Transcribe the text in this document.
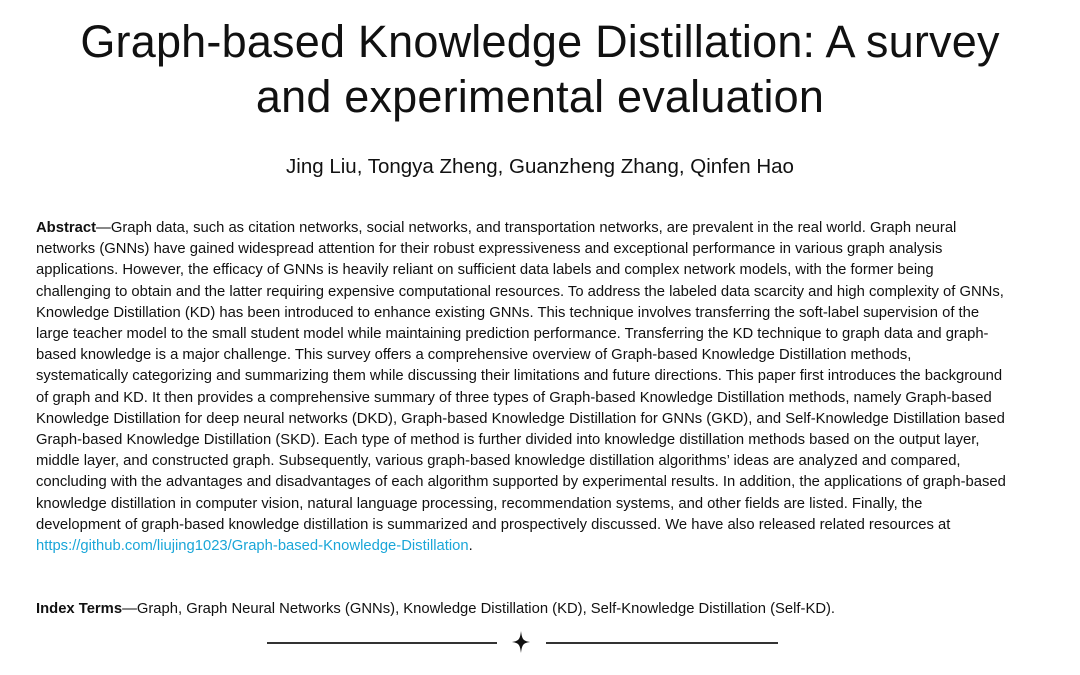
Graph-based Knowledge Distillation: A survey
and experimental evaluation
Jing Liu, Tongya Zheng, Guanzheng Zhang, Qinfen Hao

Abstract—Graph data, such as citation networks, social networks, and transportation networks, are prevalent in the real world. Graph neural networks (GNNs) have gained widespread attention for their robust expressiveness and exceptional performance in various graph analysis applications. However, the efficacy of GNNs is heavily reliant on sufficient data labels and complex network models, with the former being challenging to obtain and the latter requiring expensive computational resources. To address the labeled data scarcity and high complexity of GNNs, Knowledge Distillation (KD) has been introduced to enhance existing GNNs. This technique involves transferring the soft-label supervision of the large teacher model to the small student model while maintaining prediction performance. Transferring the KD technique to graph data and graph-based knowledge is a major challenge. This survey offers a comprehensive overview of Graph-based Knowledge Distillation methods, systematically categorizing and summarizing them while discussing their limitations and future directions. This paper first introduces the background of graph and KD. It then provides a comprehensive summary of three types of Graph-based Knowledge Distillation methods, namely Graph-based Knowledge Distillation for deep neural networks (DKD), Graph-based Knowledge Distillation for GNNs (GKD), and Self-Knowledge Distillation based Graph-based Knowledge Distillation (SKD). Each type of method is further divided into knowledge distillation methods based on the output layer, middle layer, and constructed graph. Subsequently, various graph-based knowledge distillation algorithms’ ideas are analyzed and compared, concluding with the advantages and disadvantages of each algorithm supported by experimental results. In addition, the applications of graph-based knowledge distillation in computer vision, natural language processing, recommendation systems, and other fields are listed. Finally, the development of graph-based knowledge distillation is summarized and prospectively discussed. We have also released related resources at https://github.com/liujing1023/Graph-based-Knowledge-Distillation.

Index Terms—Graph, Graph Neural Networks (GNNs), Knowledge Distillation (KD), Self-Knowledge Distillation (Self-KD).
